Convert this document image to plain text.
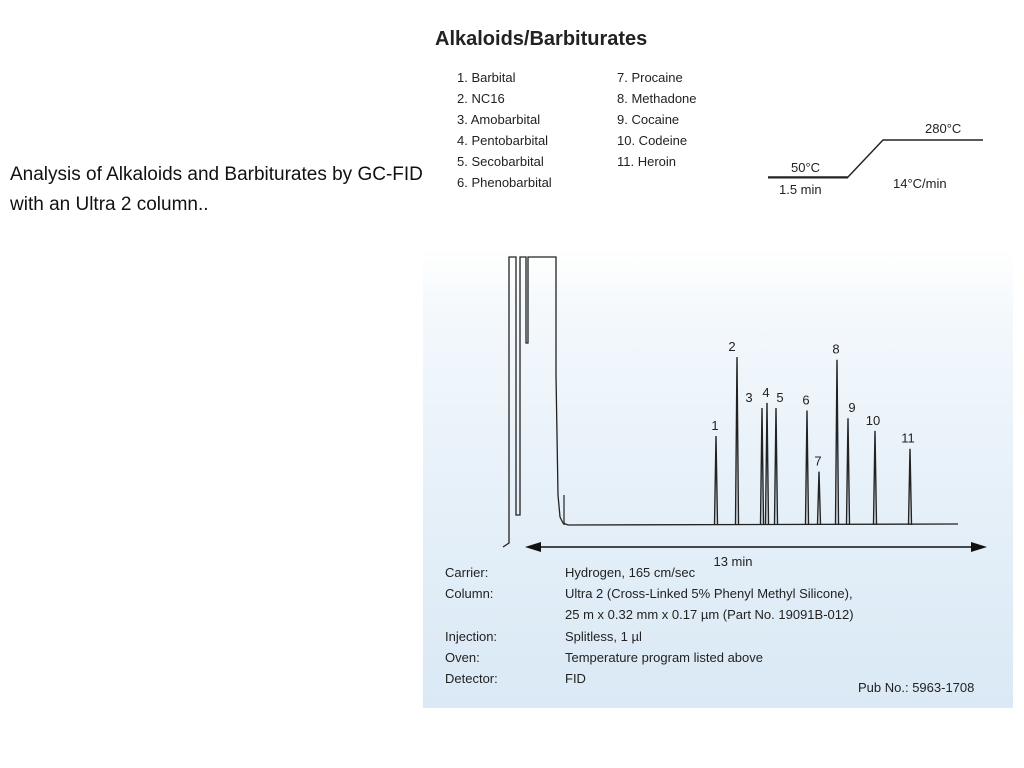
Analysis of Alkaloids and Barbiturates by GC-FID with an Ultra 2 column..
Alkaloids/Barbiturates
1. Barbital
2. NC16
3. Amobarbital
4. Pentobarbital
5. Secobarbital
6. Phenobarbital
7. Procaine
8. Methadone
9. Cocaine
10. Codeine
11. Heroin	50°C
1.5 min	14°C/min
280°C
1
2
3 4 5 6
7
8
9
10
11
13 min
Carrier:	Hydrogen, 165 cm/sec
Column:	Ultra 2 (Cross-Linked 5% Phenyl Methyl Silicone),
25 m x 0.32 mm x 0.17 µm (Part No. 19091B-012)
Injection:	Splitless, 1 µl
Oven:	Temperature program listed above
Detector:	FID
Pub No.: 5963-1708
